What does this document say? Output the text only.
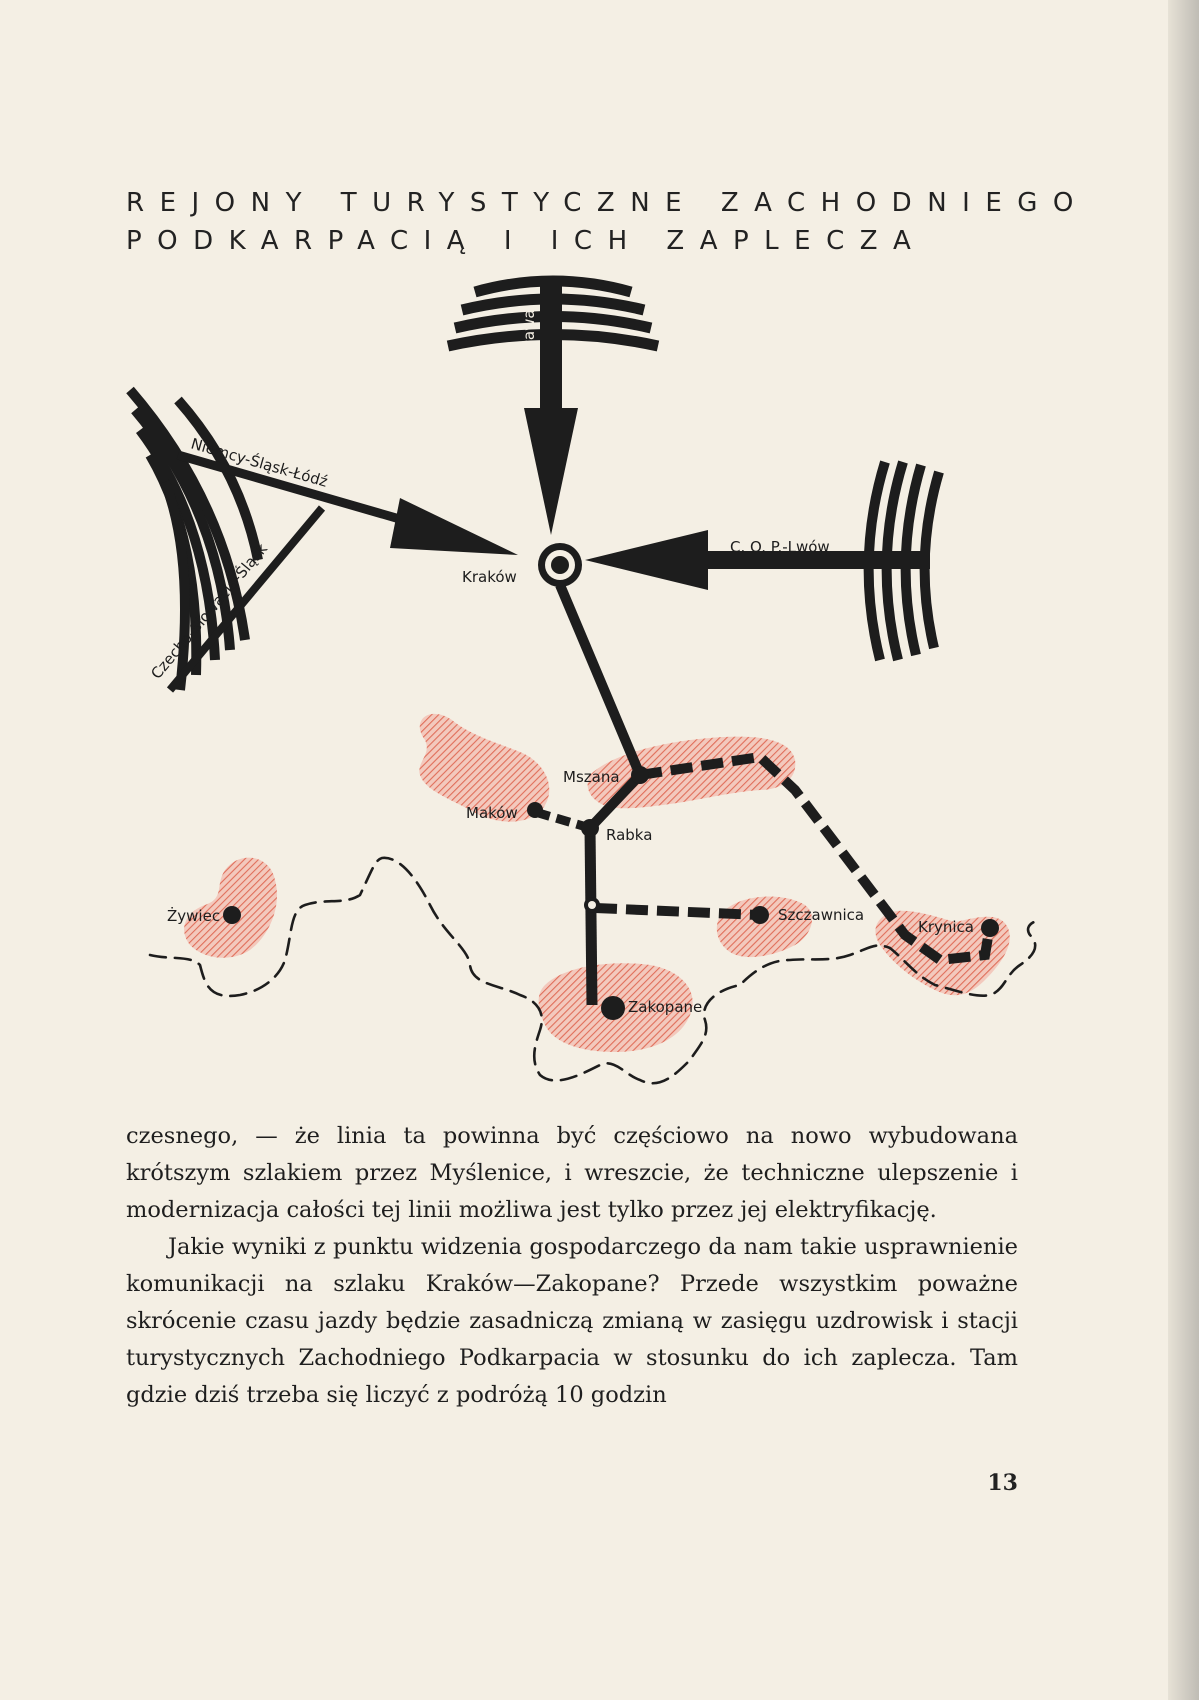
REJONY TURYSTYCZNE ZACHODNIEGO
PODKARPACIĄ I ICH ZAPLECZA
Warszawa
Niemcy-Śląsk-Łódź
Czecho-Słowacja-Śląsk	C. O. P.-Lwów
Kraków
Mszana
Maków
Rabka
Żywiec	Szczawnica
Krynica
Zakopane

czesnego, — że linia ta powinna być częściowo na nowo wybudowana krótszym szlakiem przez Myślenice, i wreszcie, że techniczne ulepszenie i modernizacja całości tej linii możliwa jest tylko przez jej elektryfikację.

Jakie wyniki z punktu widzenia gospodarczego da nam takie usprawnienie komunikacji na szlaku Kraków—Zakopane? Przede wszystkim poważne skrócenie czasu jazdy będzie zasadniczą zmianą w zasięgu uzdrowisk i stacji turystycznych Zachodniego Podkarpacia w stosunku do ich zaplecza. Tam gdzie dziś trzeba się liczyć z podróżą 10 godzin

13
